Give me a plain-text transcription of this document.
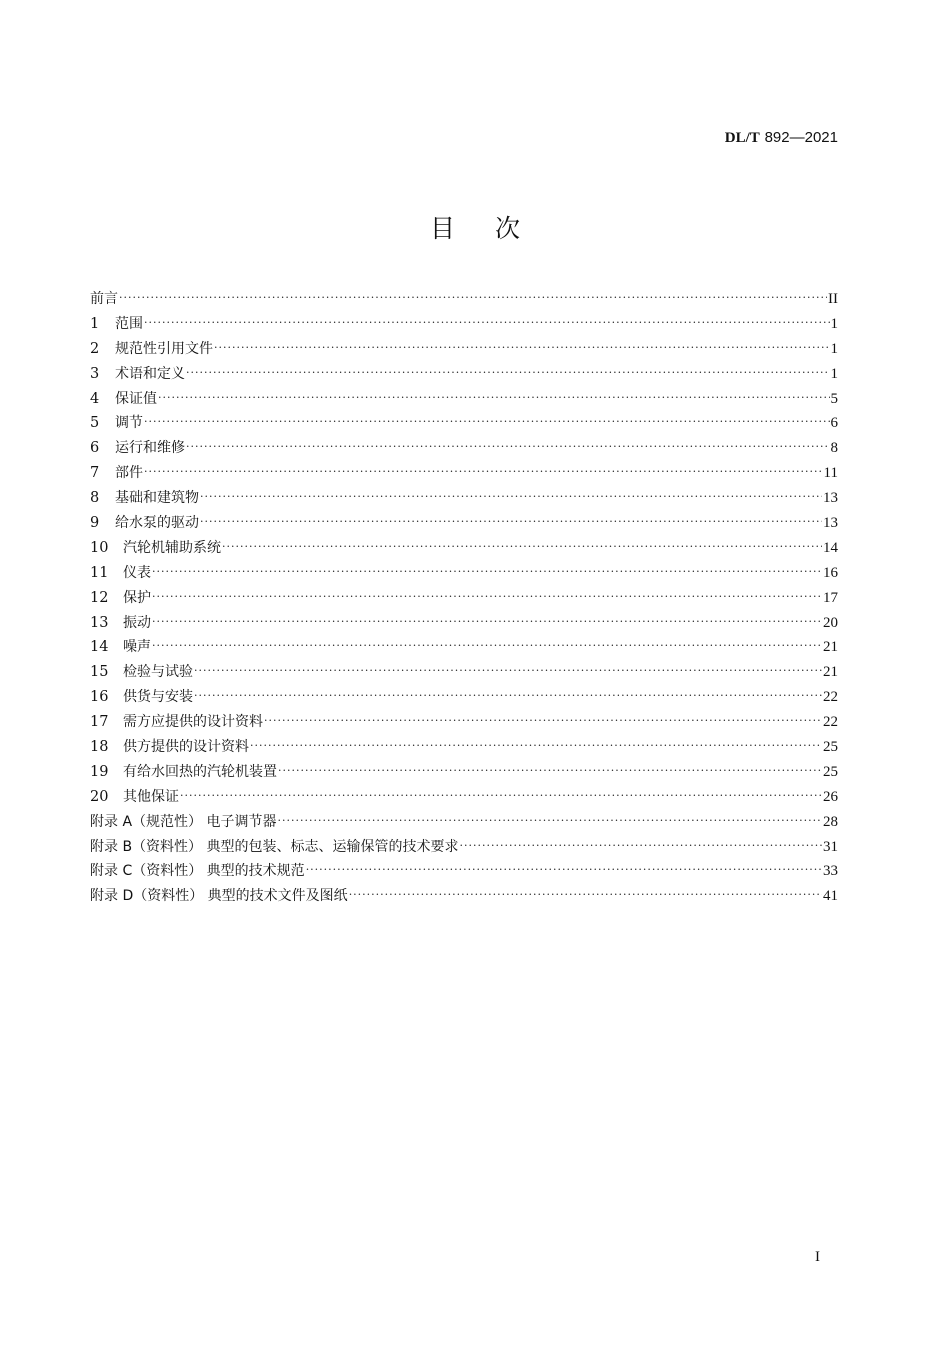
DL/T 892—2021
目次
前言 ·····	II
1	范围 ·····	1
2	规范性引用文件 ·····	1
3	术语和定义 ·····	1
4	保证值 ·····	5
5	调节 ·····	6
6	运行和维修 ·····	8
7	部件 ·····	11
8	基础和建筑物 ·····	13
9	给水泵的驱动 ·····	13
10	汽轮机辅助系统 ·····	14
11	仪表 ·····	16
12	保护 ·····	17
13	振动 ·····	20
14	噪声 ·····	21
15	检验与试验 ·····	21
16	供货与安装 ·····	22
17	需方应提供的设计资料 ·····	22
18	供方提供的设计资料 ·····	25
19	有给水回热的汽轮机装置 ·····	25
20	其他保证 ·····	26
附录 A（规范性） 电子调节器 ·····	28
附录 B（资料性） 典型的包装、标志、运输保管的技术要求 ·····	31
附录 C（资料性） 典型的技术规范 ·····	33
附录 D（资料性） 典型的技术文件及图纸 ·····	41
I
